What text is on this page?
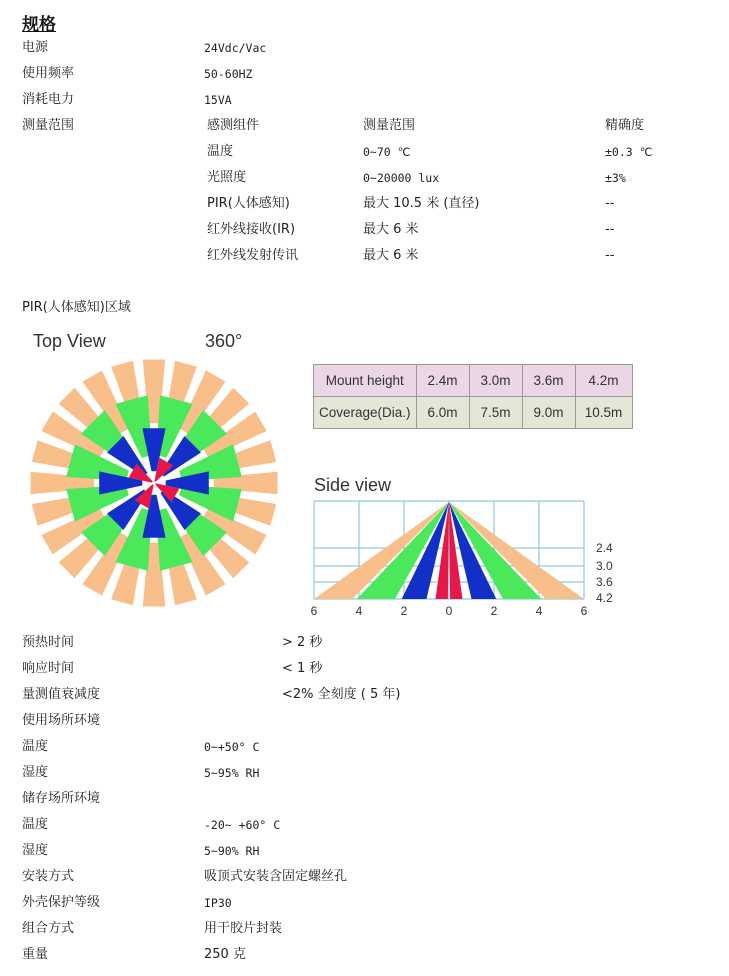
规格
电源	24Vdc/Vac
使用频率	50-60HZ
消耗电力	15VA
测量范围	感测组件	测量范围	精确度
温度	0~70 ℃	±0.3 ℃
光照度	0~20000 lux	±3%
PIR(人体感知)	最大 10.5 米 (直径)	--
红外线接收(IR)	最大 6 米	--
红外线发射传讯	最大 6 米	--
PIR(人体感知)区域
Top View	360°
Mount height	2.4m	3.0m	3.6m	4.2m
Coverage(Dia.)	6.0m	7.5m	9.0m	10.5m
Side view
2.4
3.0
3.6
4.2
6	4	2	0	2	4	6
预热时间	> 2 秒
响应时间	< 1 秒
量测值衰减度	<2% 全刻度 ( 5 年)
使用场所环境
温度	0~+50° C
湿度	5~95% RH
储存场所环境
温度	-20~ +60° C
湿度	5~90% RH
安装方式	吸顶式安装含固定螺丝孔
外壳保护等级	IP30
组合方式	用干胶片封装
重量	250 克
